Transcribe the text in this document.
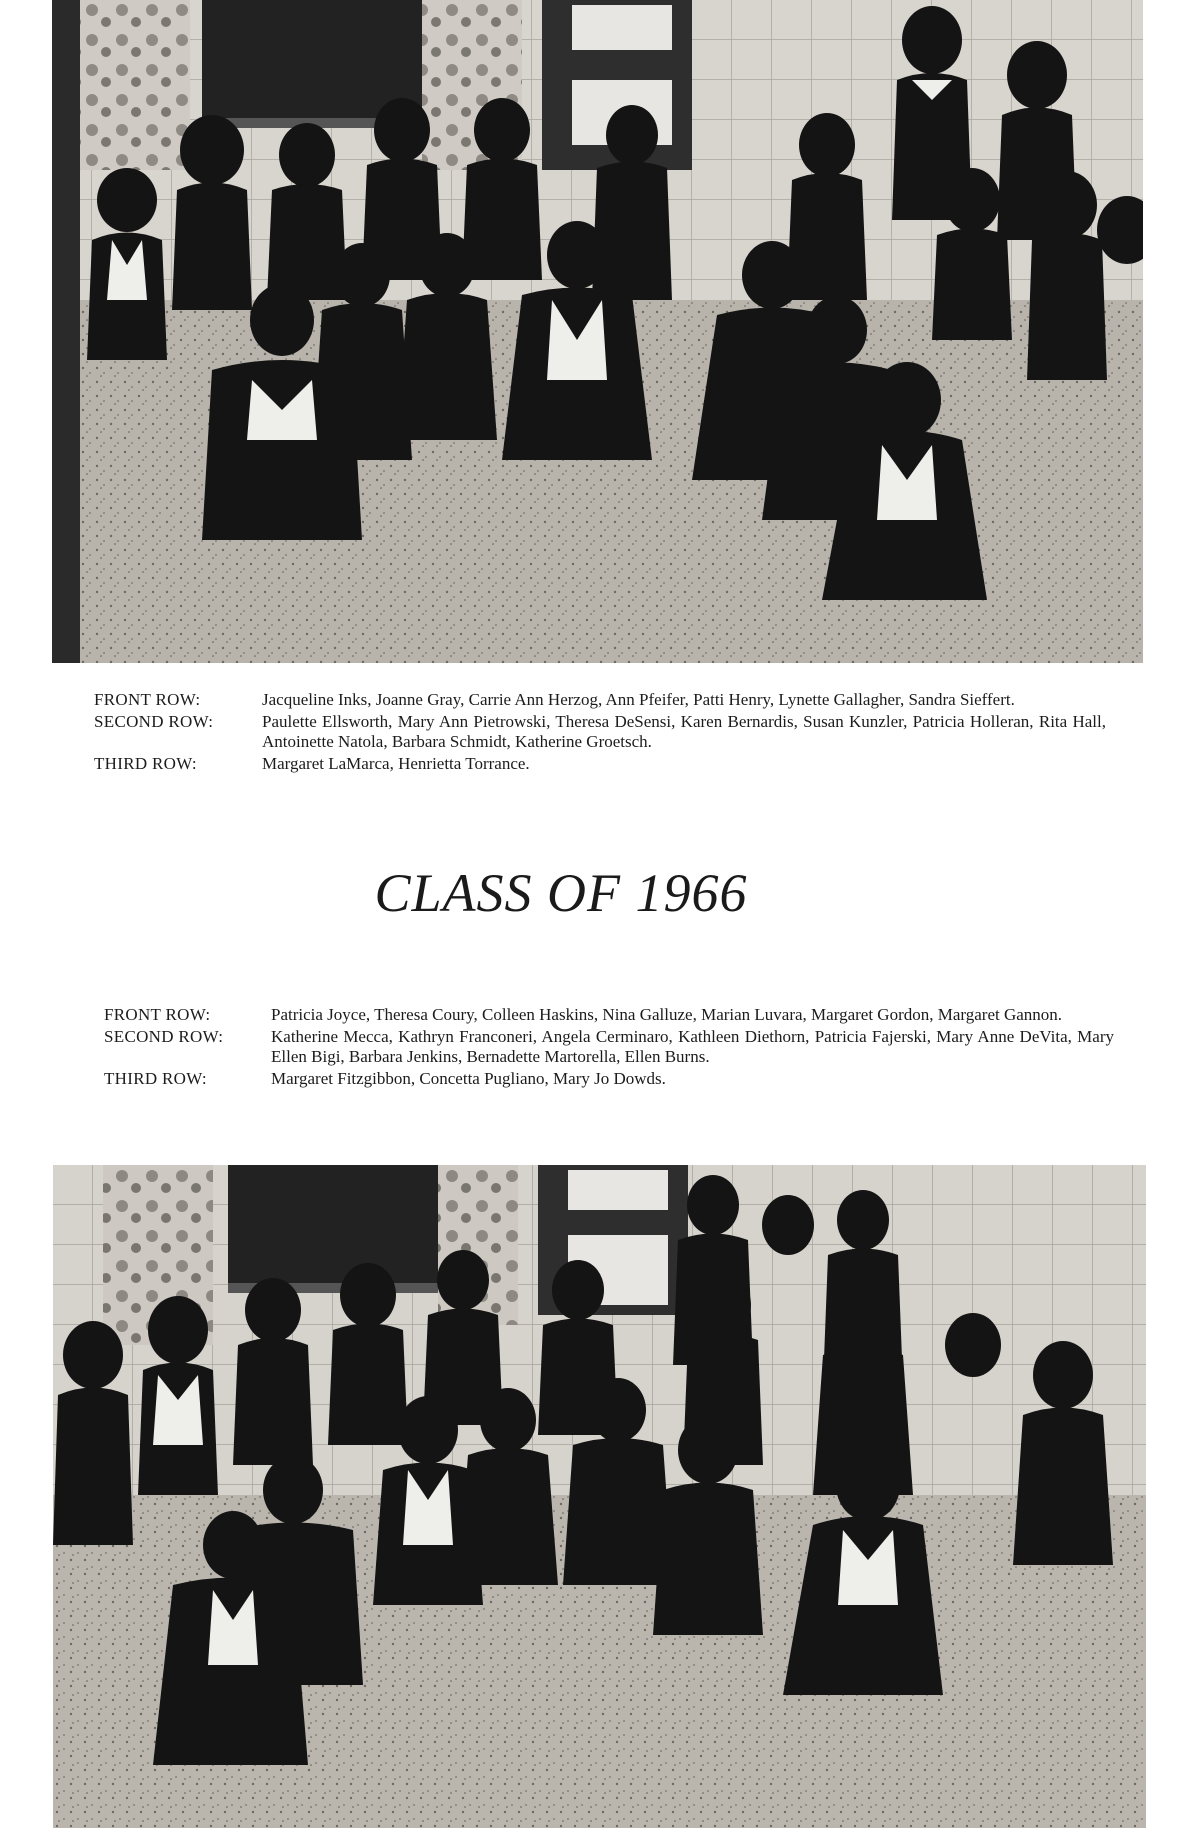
FRONT ROW:	Jacqueline Inks, Joanne Gray, Carrie Ann Herzog, Ann Pfeifer, Patti Henry, Lynette Gallagher, Sandra Sieffert.
SECOND ROW:	Paulette Ellsworth, Mary Ann Pietrowski, Theresa DeSensi, Karen Bernardis, Susan Kunzler, Patricia Holleran, Rita Hall, Antoinette Natola, Barbara Schmidt, Katherine Groetsch.
THIRD ROW:	Margaret LaMarca, Henrietta Torrance.
CLASS OF 1966
FRONT ROW:	Patricia Joyce, Theresa Coury, Colleen Haskins, Nina Galluze, Marian Luvara, Margaret Gordon, Margaret Gannon.
SECOND ROW:	Katherine Mecca, Kathryn Franconeri, Angela Cerminaro, Kathleen Diethorn, Patricia Fajerski, Mary Anne DeVita, Mary Ellen Bigi, Barbara Jenkins, Bernadette Martorella, Ellen Burns.
THIRD ROW:	Margaret Fitzgibbon, Concetta Pugliano, Mary Jo Dowds.
